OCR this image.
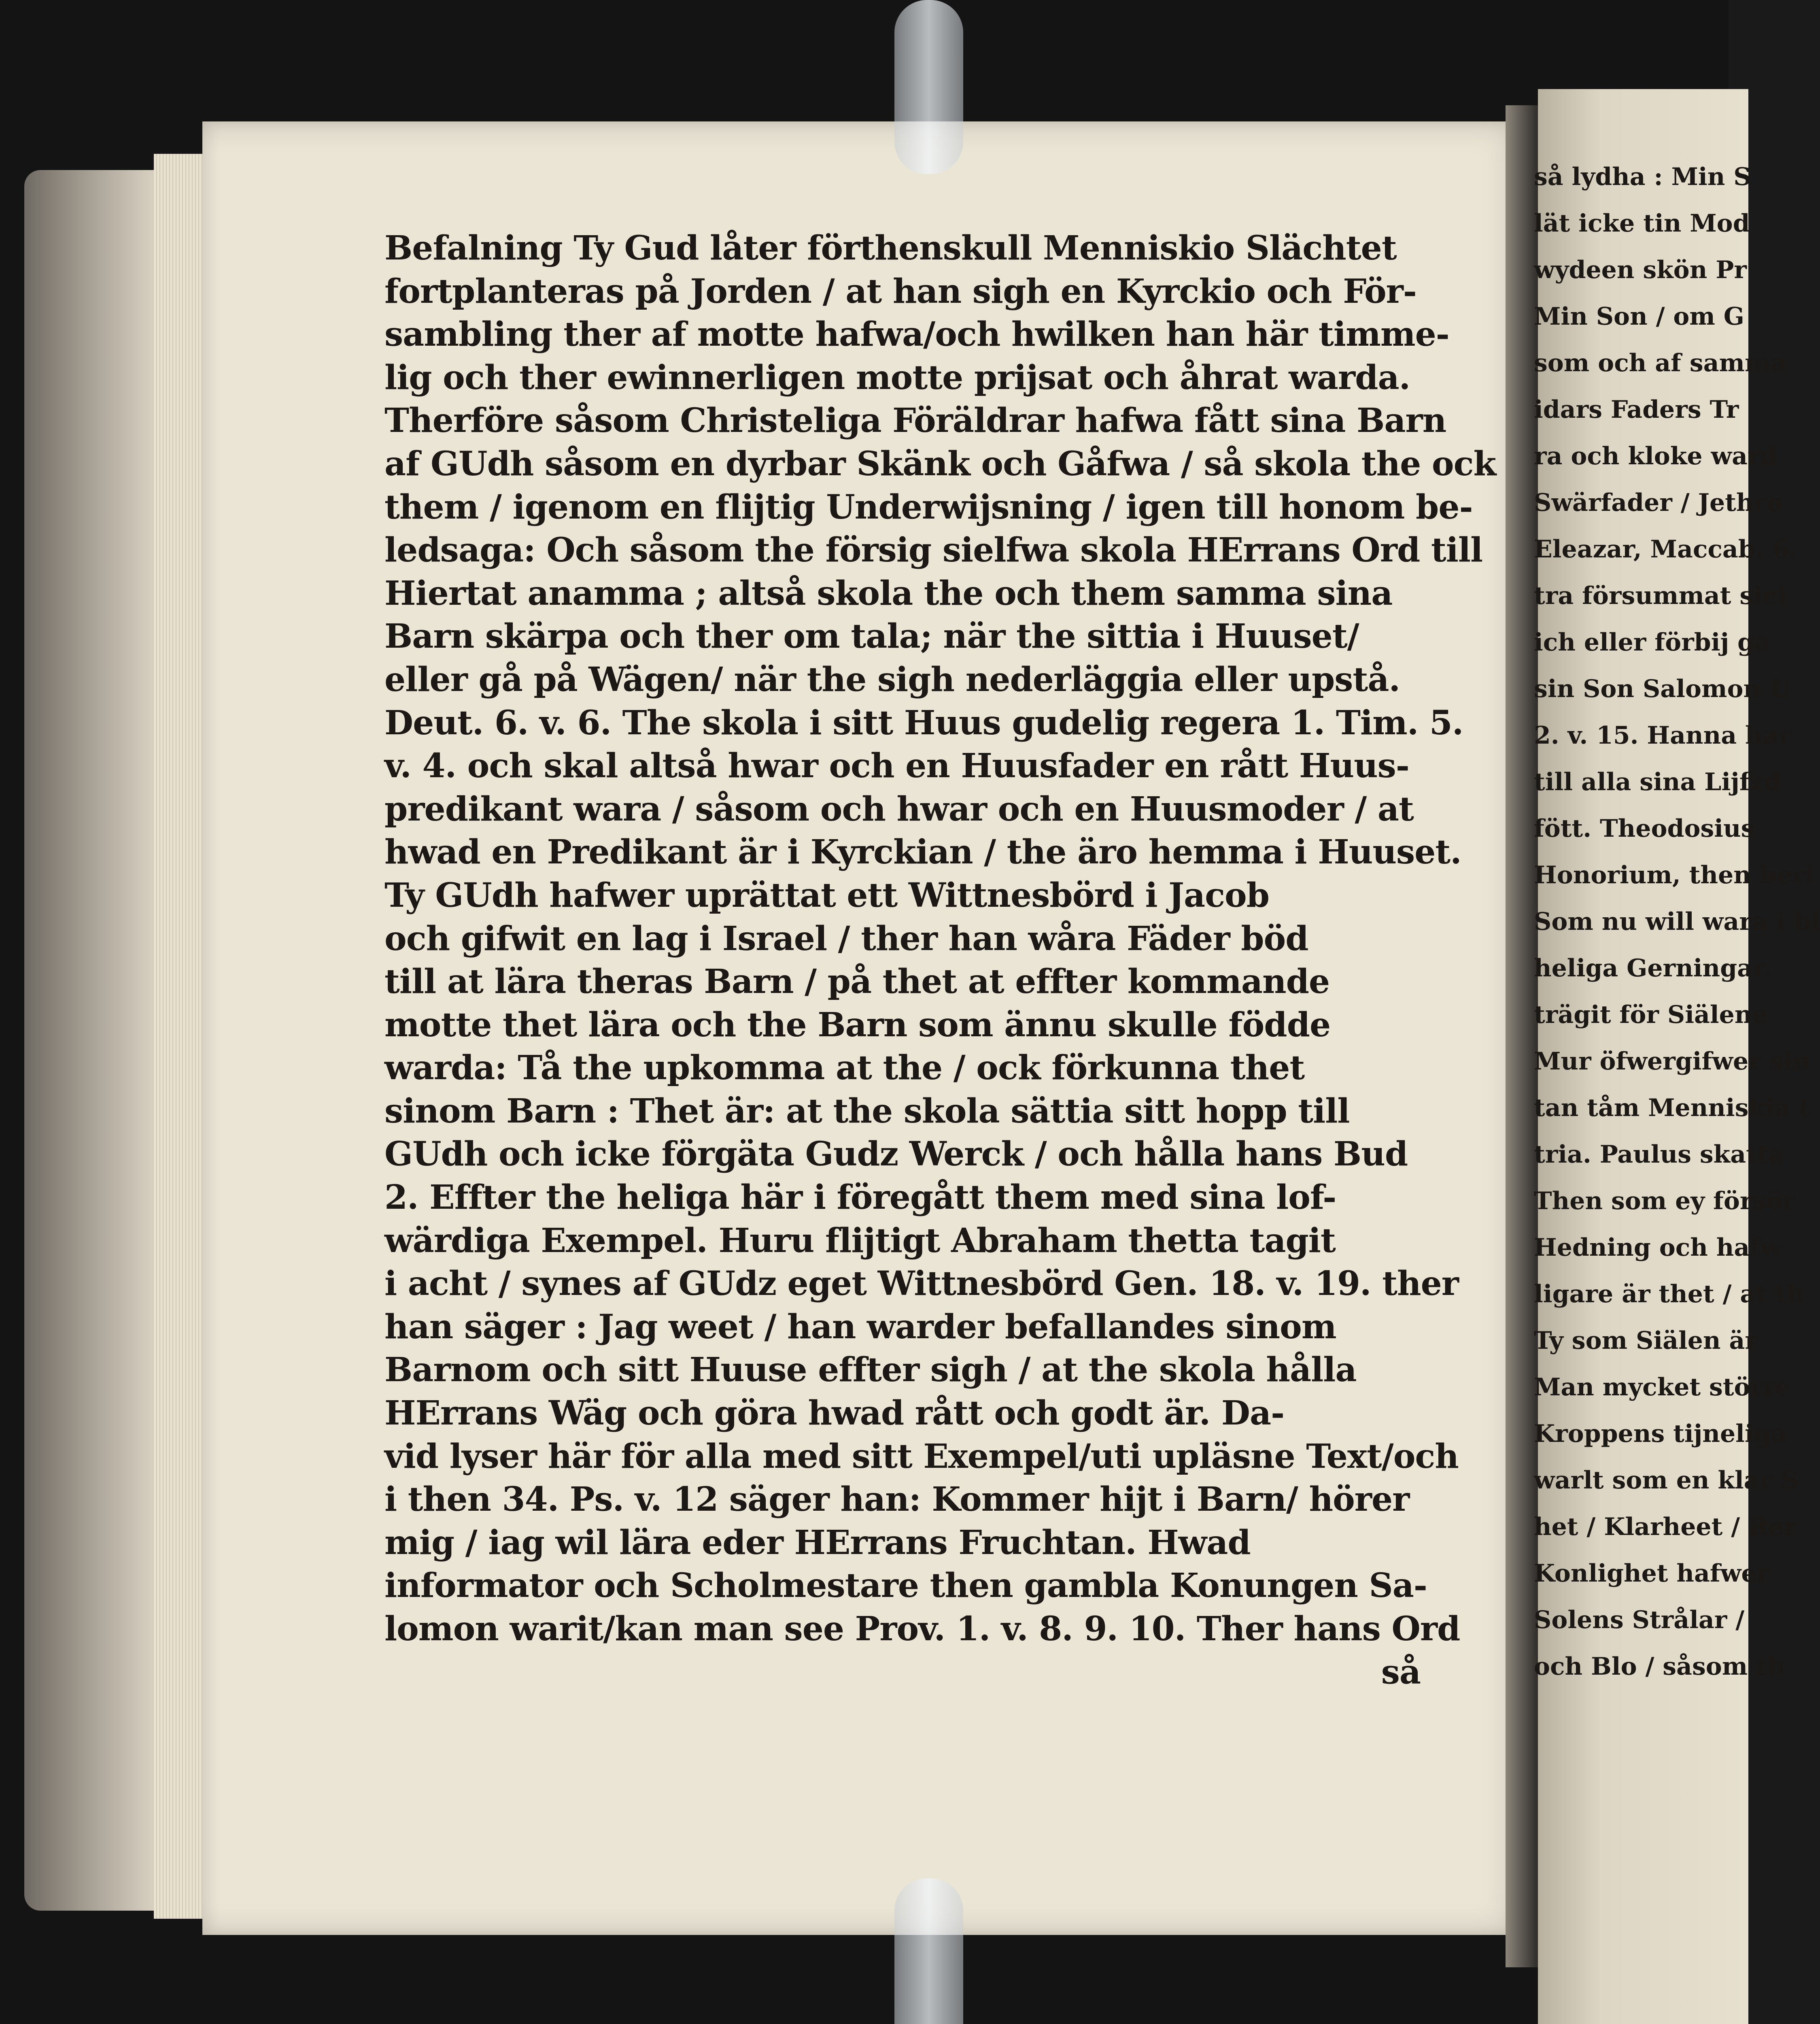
Befalning Ty Gud låter förthenskull Menniskio Slächtet
fortplanteras på Jorden / at han sigh en Kyrckio och För-
sambling ther af motte hafwa/och hwilken han här timme-
lig och ther ewinnerligen motte prijsat och åhrat warda.
Therföre såsom Christeliga Föräldrar hafwa fått sina Barn
af GUdh såsom en dyrbar Skänk och Gåfwa / så skola the ock
them / igenom en flijtig Underwijsning / igen till honom be-
ledsaga: Och såsom the försig sielfwa skola HErrans Ord till
Hiertat anamma ; altså skola the och them samma sina
Barn skärpa och ther om tala; när the sittia i Huuset/
eller gå på Wägen/ när the sigh nederläggia eller upstå.
Deut. 6. v. 6. The skola i sitt Huus gudelig regera 1. Tim. 5.
v. 4. och skal altså hwar och en Huusfader en rått Huus-
predikant wara / såsom och hwar och en Huusmoder / at
hwad en Predikant är i Kyrckian / the äro hemma i Huuset.
Ty GUdh hafwer uprättat ett Wittnesbörd i Jacob
och gifwit en lag i Israel / ther han wåra Fäder böd
till at lära theras Barn / på thet at effter kommande
motte thet lära och the Barn som ännu skulle födde
warda: Tå the upkomma at the / ock förkunna thet
sinom Barn : Thet är: at the skola sättia sitt hopp till
GUdh och icke förgäta Gudz Werck / och hålla hans Bud
2. Effter the heliga här i föregått them med sina lof-
wärdiga Exempel. Huru flijtigt Abraham thetta tagit
i acht / synes af GUdz eget Wittnesbörd Gen. 18. v. 19. ther
han säger : Jag weet / han warder befallandes sinom
Barnom och sitt Huuse effter sigh / at the skola hålla
HErrans Wäg och göra hwad rått och godt är. Da-
vid lyser här för alla med sitt Exempel/uti upläsne Text/och
i then 34. Ps. v. 12 säger han: Kommer hijt i Barn/ hörer
mig / iag wil lära eder HErrans Fruchtan. Hwad
informator och Scholmestare then gambla Konungen Sa-
lomon warit/kan man see Prov. 1. v. 8. 9. 10. Ther hans Ord
så
så lydha : Min S
lät icke tin Mod
wydeen skön Pr
Min Son / om G
som och af samma
idars Faders Tr
ra och kloke ward
Swärfader / Jethro
Eleazar, Maccab. 6.
tra försummat siel
ich eller förbij ga
sin Son Salomon U
2. v. 15. Hanna har
till alla sina Lijfzd
fött. Theodosius
Honorium, then beri
Som nu will wara i bl
heliga Gerningar.
trägit för Siälene
Mur öfwergifwer sin
tan tåm Menniskia t
tria. Paulus skatta
Then som ey försör
Hedning och hafw
ligare är thet / at th
Ty som Siälen är
Man mycket större
Kroppens tijneliga
warlt som en klar S
het / Klarheet / Rer
Konlighet hafwer
Solens Strålar /
och Blo / såsom th
